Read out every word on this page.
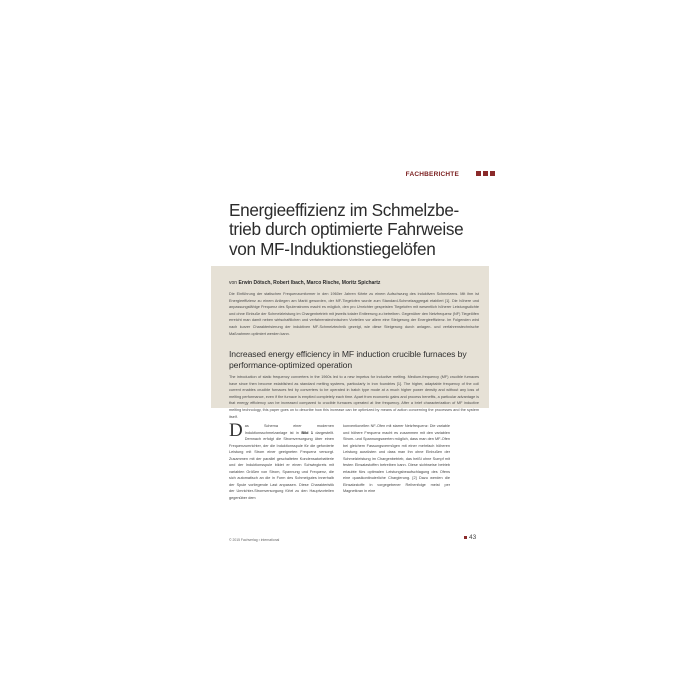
FACHBERICHTE
Energieeffizienz im Schmelzbetrieb durch optimierte Fahrweise von MF-Induktionstiegelöfen
von Erwin Dötsch, Robert Ibach, Marco Rische, Moritz Spichartz

Die Einführung der statischen Frequenzumformer in den 1960er Jahren führte zu einem Aufschwung des induktiven Schmelzens. Mit ihm ist Energieeffizienz zu einem Anliegen am Markt geworden, der MF-Tiegelofen wurde zum Standard-Schmelzaggregat etabliert [1]. Die höhere und anpassungsfähige Frequenz des Spulenstroms macht es möglich, den pro Umrichter gespeisten Tiegelofen mit wesentlich höherer Leistungsdichte und ohne Einbuße der Schmelzleistung im Chargenbetrieb mit jeweils totaler Entleerung zu betreiben. Gegenüber den Netzfrequenz (NF) Tiegelöfen erreicht man damit neben wirtschaftlichen und verfahrenstechnischen Vorteilen vor allem eine Steigerung der Energieeffizienz. Im Folgenden wird nach kurzer Charakterisierung der induktiven MF-Schmelztechnik gezeigt, wie diese Steigerung durch anlagen- und verfahrenstechnische Maßnahmen optimiert werden kann.

Increased energy efficiency in MF induction crucible furnaces by performance-optimized operation

The introduction of static frequency converters in the 1960s led to a new impetus for inductive melting. Medium-frequency (MF) crucible furnaces have since then become established as standard melting systems, particularly in iron foundries [1]. The higher, adaptable frequency of the coil current enables crucible furnaces fed by converters to be operated in batch type mode at a much higher power density and without any loss of melting performance, even if the furnace is emptied completely each time. Apart from economic gains and process benefits, a particular advantage is that energy efficiency can be increased compared to crucible furnaces operated at line frequency. After a brief characterization of MF inductive melting technology, this paper goes on to describe how this increase can be optimized by means of action concerning the processes and the system itself.

Das Schema einer modernen Induktionsschmelzanlage ist in Bild 1 dargestellt. Demnach erfolgt die Stromversorgung über einen Frequenzumrichter, der die Induktionsspule für die geforderte Leistung mit Strom einer geeigneten Frequenz versorgt. Zusammen mit der parallel geschalteten Kondensatorbatterie und der Induktionsspule bildet er einen Schwingkreis mit variablen Größen von Strom, Spannung und Frequenz, die sich automatisch an die in Form des Schmelgutes innerhalb der Spule vorliegende Last anpassen. Diese Charakteristik der Umrichter-Stromversorgung führt zu den Hauptvorteilen gegenüber dem
konventionellen NF-Ofen mit starrer Netzfrequenz: Die variable und höhere Frequenz macht es zusammen mit den variablen Strom- und Spannungswerten möglich, dass man den MF-Ofen bei gleichem Fassungsvermögen mit einer mehrfach höheren Leistung ausrüsten und dass man ihn ohne Einbußen der Schmelzleistung im Chargenbetrieb, das heißt ohne Sumpf mit festen Einsatzstoffen betreiben kann. Diese sichtweise betrieb erlaubte fürs optimalen Leistungsbeaufschlagung des Ofens eine quasikontinuierliche Chargierung. [2] Dazu werden die Einsatzstoffe in vorgegebener Reihenfolge meist per Magnetkran in eine
© 2015 Fachverlag ▪ international	43
